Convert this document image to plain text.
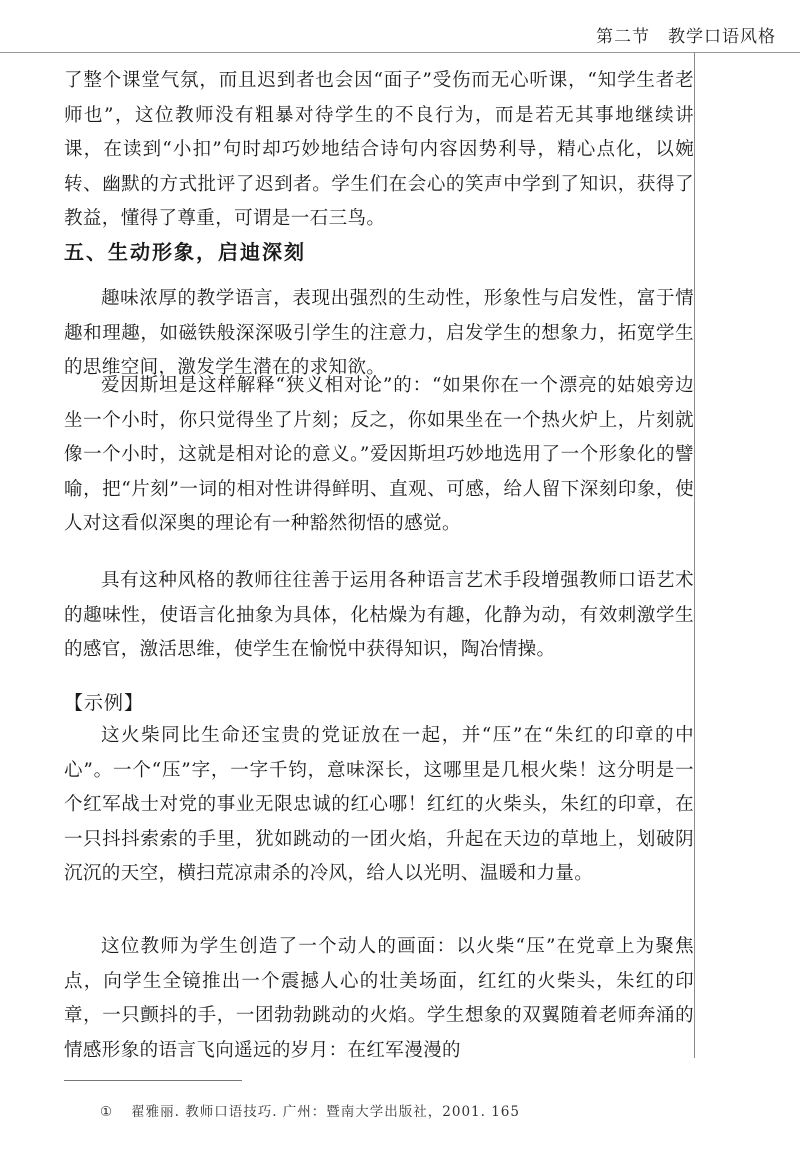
第二节　教学口语风格

了整个课堂气氛，而且迟到者也会因“面子”受伤而无心听课，“知学生者老师也”，这位教师没有粗暴对待学生的不良行为，而是若无其事地继续讲课，在读到“小扣”句时却巧妙地结合诗句内容因势利导，精心点化，以婉转、幽默的方式批评了迟到者。学生们在会心的笑声中学到了知识，获得了教益，懂得了尊重，可谓是一石三鸟。

五、生动形象，启迪深刻

趣味浓厚的教学语言，表现出强烈的生动性，形象性与启发性，富于情趣和理趣，如磁铁般深深吸引学生的注意力，启发学生的想象力，拓宽学生的思维空间，激发学生潜在的求知欲。

爱因斯坦是这样解释“狭义相对论”的：“如果你在一个漂亮的姑娘旁边坐一个小时，你只觉得坐了片刻；反之，你如果坐在一个热火炉上，片刻就像一个小时，这就是相对论的意义。”爱因斯坦巧妙地选用了一个形象化的譬喻，把“片刻”一词的相对性讲得鲜明、直观、可感，给人留下深刻印象，使人对这看似深奥的理论有一种豁然彻悟的感觉。

具有这种风格的教师往往善于运用各种语言艺术手段增强教师口语艺术的趣味性，使语言化抽象为具体，化枯燥为有趣，化静为动，有效刺激学生的感官，激活思维，使学生在愉悦中获得知识，陶冶情操。

【示例】

这火柴同比生命还宝贵的党证放在一起，并“压”在“朱红的印章的中心”。一个“压”字，一字千钧，意味深长，这哪里是几根火柴！这分明是一个红军战士对党的事业无限忠诚的红心哪！红红的火柴头，朱红的印章，在一只抖抖索索的手里，犹如跳动的一团火焰，升起在天边的草地上，划破阴沉沉的天空，横扫荒凉肃杀的冷风，给人以光明、温暖和力量。

这位教师为学生创造了一个动人的画面：以火柴“压”在党章上为聚焦点，向学生全镜推出一个震撼人心的壮美场面，红红的火柴头，朱红的印章，一只颤抖的手，一团勃勃跳动的火焰。学生想象的双翼随着老师奔涌的情感形象的语言飞向遥远的岁月：在红军漫漫的

① 翟雅丽. 教师口语技巧. 广州：暨南大学出版社，2001. 165
